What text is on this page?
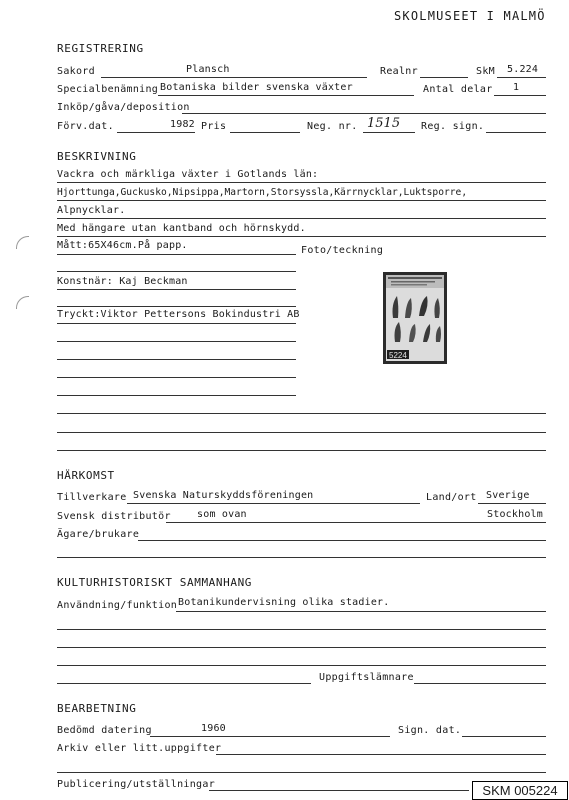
SKOLMUSEET I MALMÖ
REGISTRERING
Sakord	Plansch	Realnr	SkM 5.224
Specialbenämning Botaniska bilder svenska växter	Antal delar 1
Inköp/gåva/deposition
Förv.dat.	1982 Pris	Neg. nr. 1515 Reg. sign.
BESKRIVNING
Vackra och märkliga växter i Gotlands län:
Hjorttunga,Guckusko,Nipsippa,Martorn,Storsyssla,Kärrnycklar,Luktsporre,
Alpnycklar.
Med hängare utan kantband och hörnskydd.
Mått:65X46cm.På papp.	Foto/teckning
Konstnär: Kaj Beckman
Tryckt:Viktor Pettersons Bokindustri AB
5224
HÄRKOMST
Tillverkare Svenska Naturskyddsföreningen	Land/ort Sverige
Svensk distributör	som ovan	Stockholm
Ägare/brukare
KULTURHISTORISKT SAMMANHANG
Användning/funktion Botanikundervisning olika stadier.
Uppgiftslämnare
BEARBETNING
Bedömd datering	1960	Sign. dat.
Arkiv eller litt.uppgifter
Publicering/utställningar	SKM 005224
